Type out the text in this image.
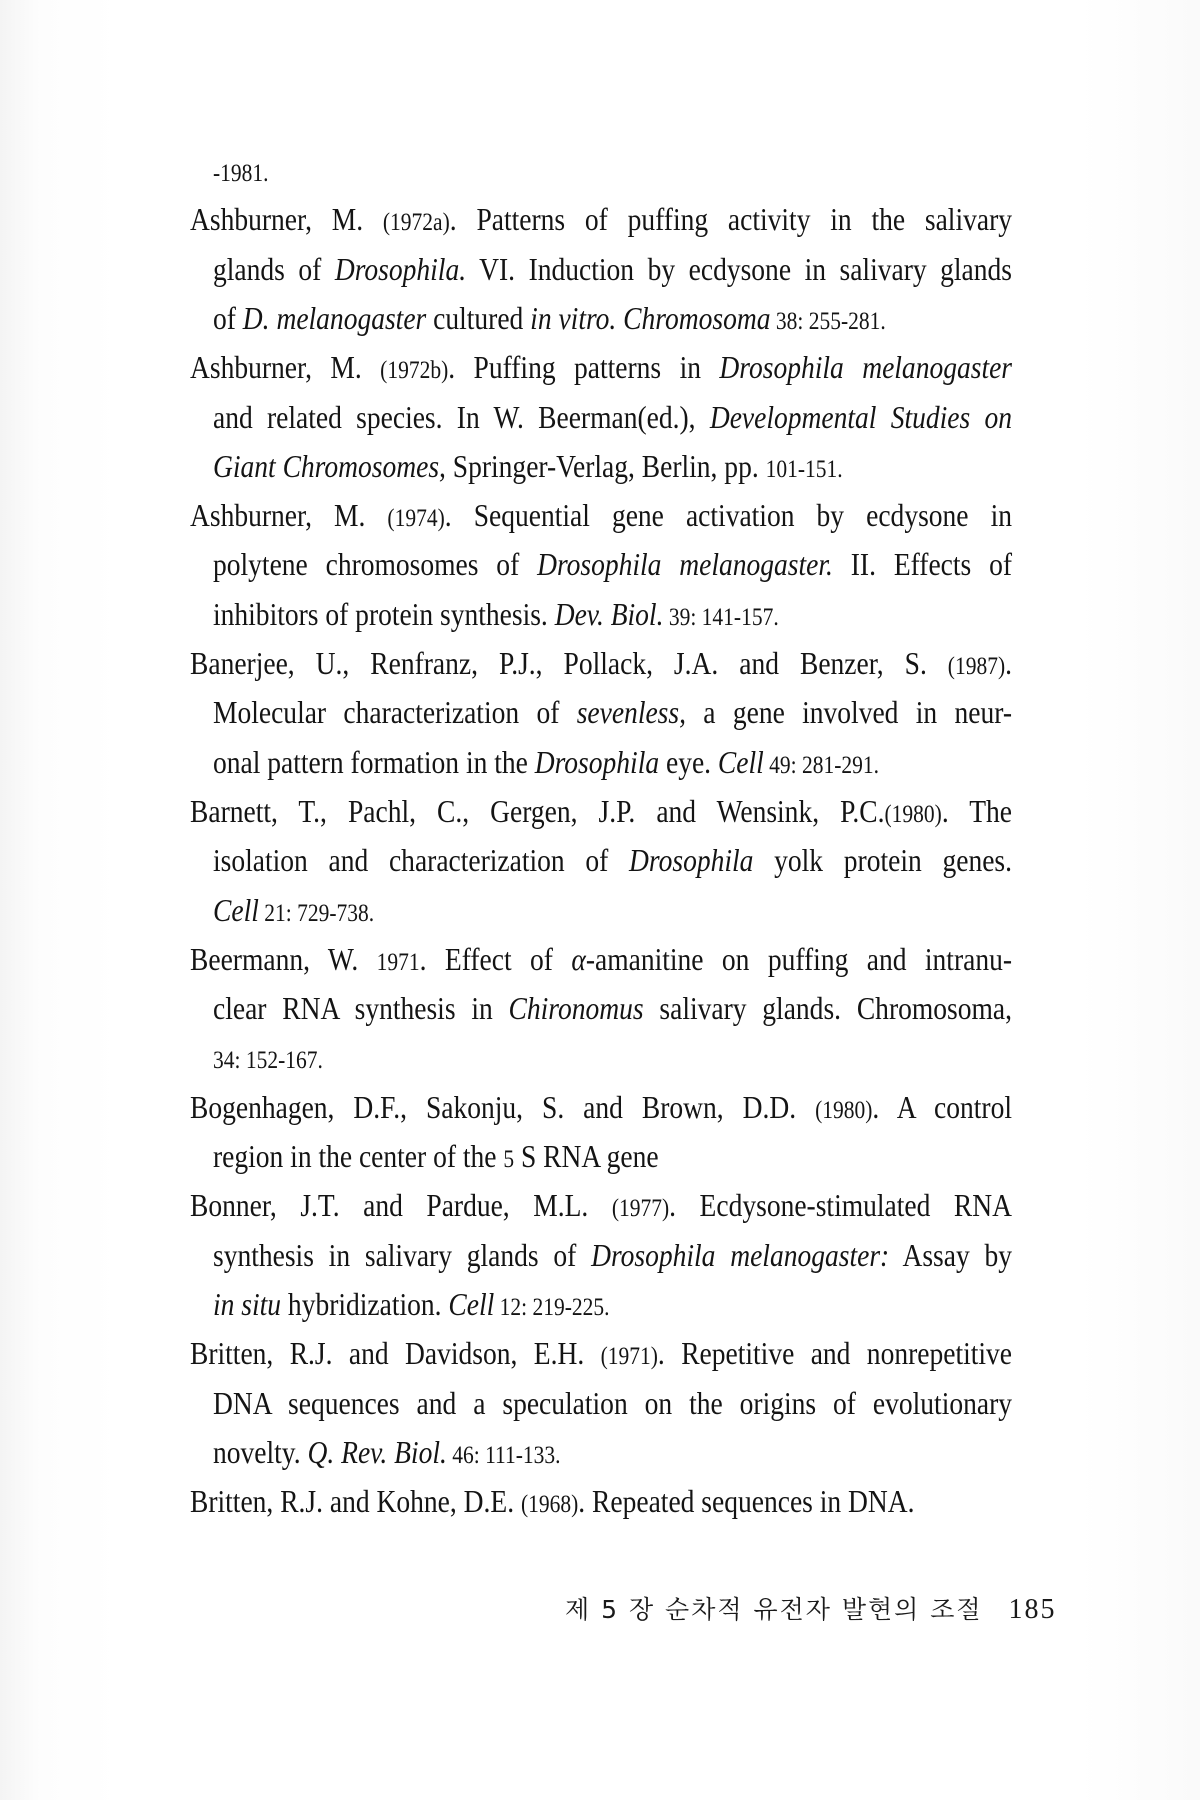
-1981.
Ashburner, M. (1972a). Patterns of puffing activity in the salivary
glands of Drosophila. VI. Induction by ecdysone in salivary glands
of D. melanogaster cultured in vitro. Chromosoma 38: 255-281.
Ashburner, M. (1972b). Puffing patterns in Drosophila melanogaster
and related species. In W. Beerman(ed.), Developmental Studies on
Giant Chromosomes, Springer-Verlag, Berlin, pp. 101-151.
Ashburner, M. (1974). Sequential gene activation by ecdysone in
polytene chromosomes of Drosophila melanogaster. II. Effects of
inhibitors of protein synthesis. Dev. Biol. 39: 141-157.
Banerjee, U., Renfranz, P.J., Pollack, J.A. and Benzer, S. (1987).
Molecular characterization of sevenless, a gene involved in neur-
onal pattern formation in the Drosophila eye. Cell 49: 281-291.
Barnett, T., Pachl, C., Gergen, J.P. and Wensink, P.C.(1980). The
isolation and characterization of Drosophila yolk protein genes.
Cell 21: 729-738.
Beermann, W. 1971. Effect of α-amanitine on puffing and intranu-
clear RNA synthesis in Chironomus salivary glands. Chromosoma,
34: 152-167.
Bogenhagen, D.F., Sakonju, S. and Brown, D.D. (1980). A control
region in the center of the 5 S RNA gene
Bonner, J.T. and Pardue, M.L. (1977). Ecdysone-stimulated RNA
synthesis in salivary glands of Drosophila melanogaster: Assay by
in situ hybridization. Cell 12: 219-225.
Britten, R.J. and Davidson, E.H. (1971). Repetitive and nonrepetitive
DNA sequences and a speculation on the origins of evolutionary
novelty. Q. Rev. Biol. 46: 111-133.
Britten, R.J. and Kohne, D.E. (1968). Repeated sequences in DNA.
제 5 장 순차적 유전자 발현의 조절 185
